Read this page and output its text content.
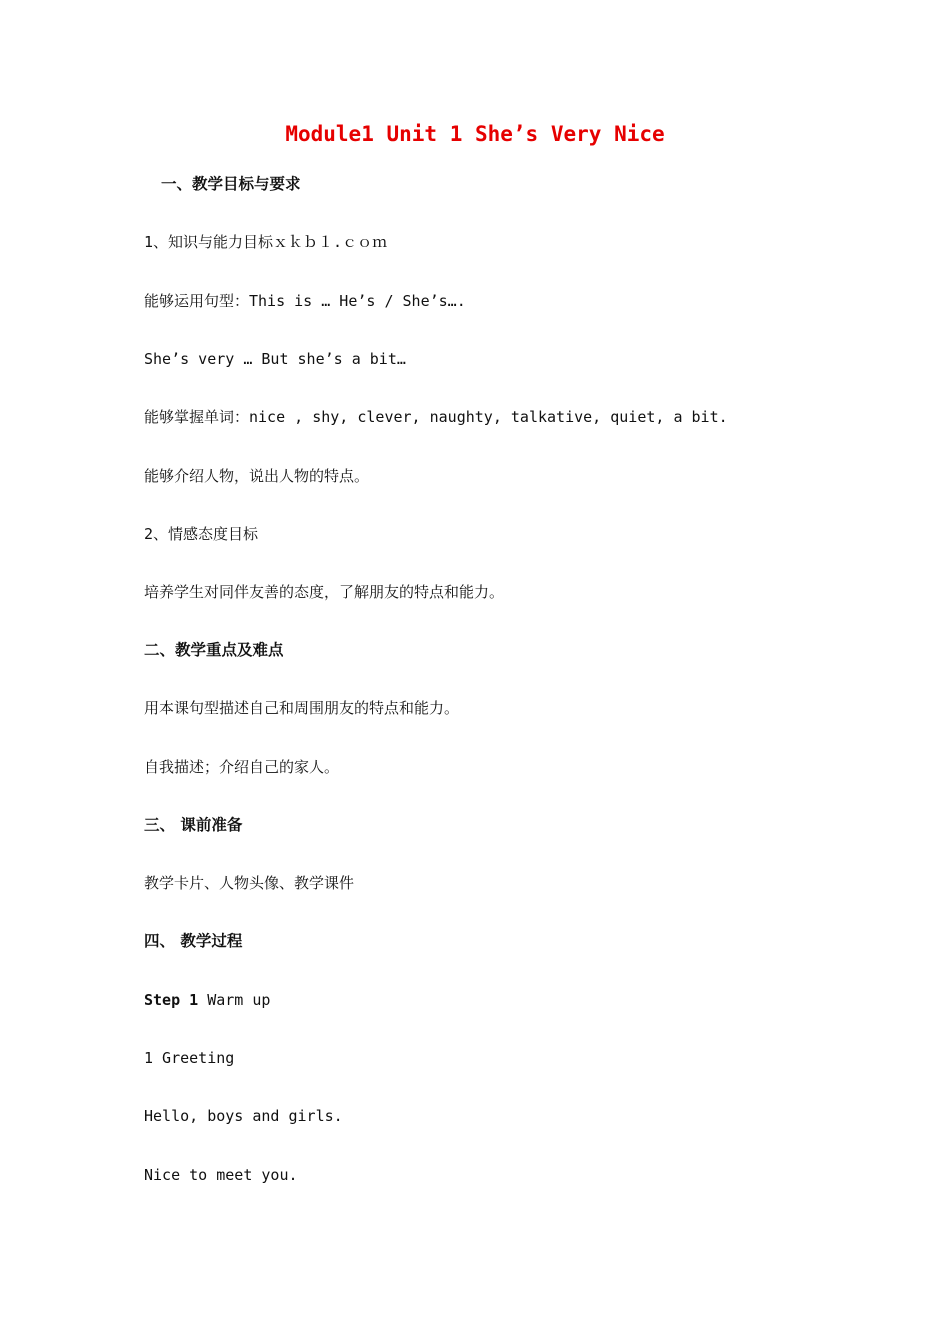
Module1 Unit 1 She’s Very Nice
一、教学目标与要求
1、知识与能力目标ｘｋｂ１.ｃｏｍ
能够运用句型：This is … He’s / She’s….
She’s very … But she’s a bit…
能够掌握单词：nice , shy, clever, naughty, talkative, quiet, a bit.
能够介绍人物，说出人物的特点。
2、情感态度目标
培养学生对同伴友善的态度，了解朋友的特点和能力。
二、教学重点及难点
用本课句型描述自己和周围朋友的特点和能力。
自我描述；介绍自己的家人。
三、 课前准备
教学卡片、人物头像、教学课件
四、 教学过程
Step 1 Warm up
1 Greeting
Hello, boys and girls.
Nice to meet you.
